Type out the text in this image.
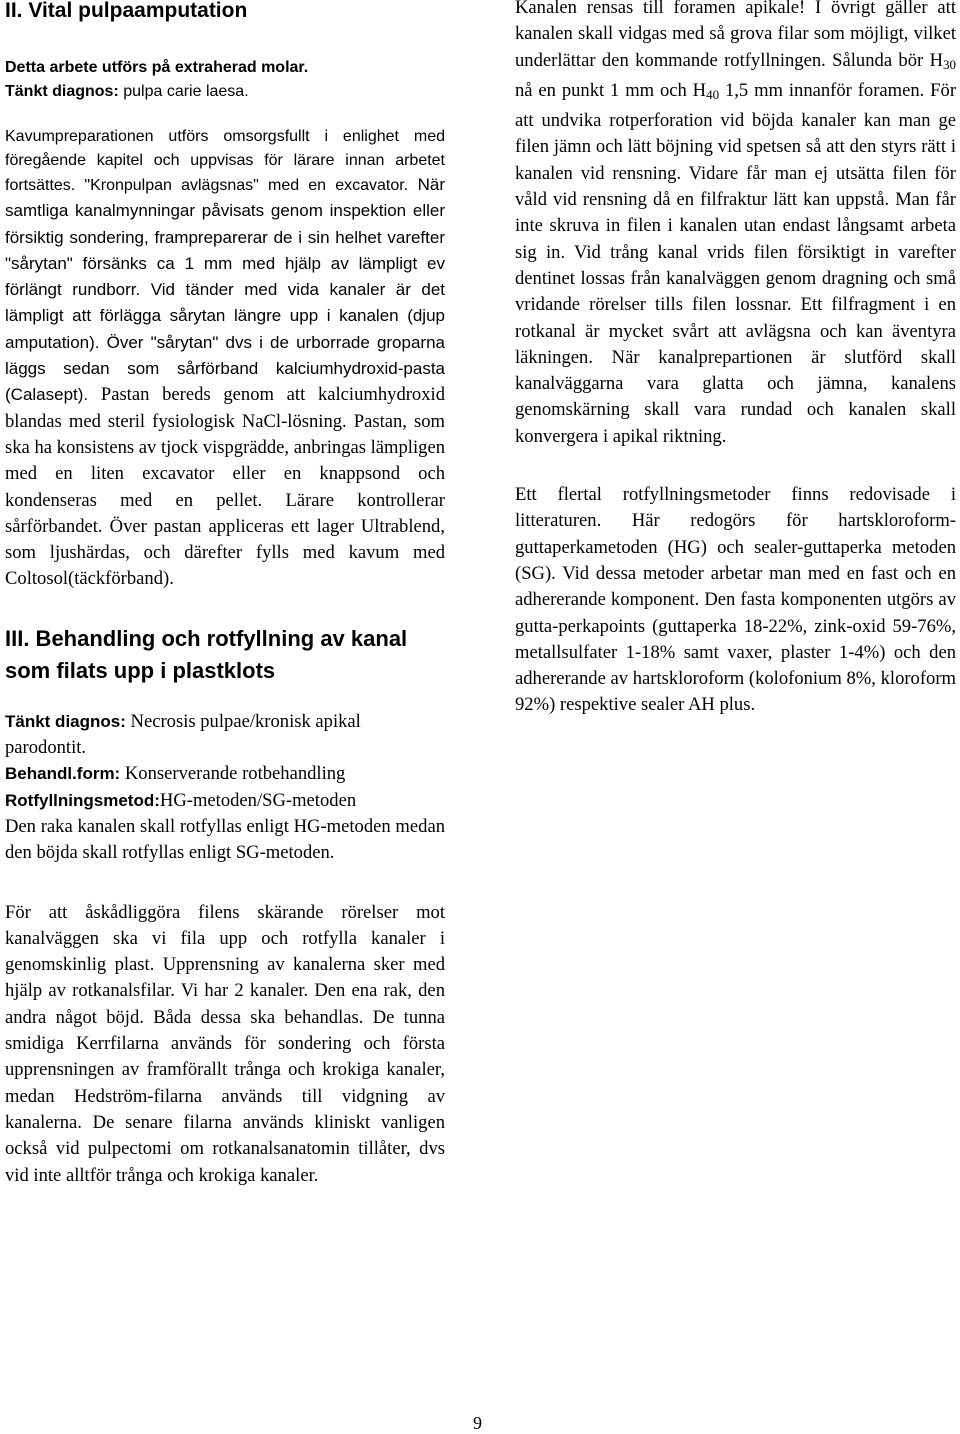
II. Vital pulpaamputation

Detta arbete utförs på extraherad molar.
Tänkt diagnos: pulpa carie laesa.

Kavumpreparationen utförs omsorgsfullt i enlighet med föregående kapitel och uppvisas för lärare innan arbetet fortsättes. "Kronpulpan avlägsnas" med en excavator. När samtliga kanalmynningar påvisats genom inspektion eller försiktig sondering, frampreparerar de i sin helhet varefter "sårytan" försänks ca 1 mm med hjälp av lämpligt ev förlängt rundborr. Vid tänder med vida kanaler är det lämpligt att förlägga sårytan längre upp i kanalen (djup amputation). Över "sårytan" dvs i de urborrade groparna läggs sedan som sårförband kalciumhydroxid-pasta (Calasept). Pastan bereds genom att kalciumhydroxid blandas med steril fysiologisk NaCl-lösning. Pastan, som ska ha konsistens av tjock vispgrädde, anbringas lämpligen med en liten excavator eller en knappsond och kondenseras med en pellet. Lärare kontrollerar sårförbandet. Över pastan appliceras ett lager Ultrablend, som ljushärdas, och därefter fylls med kavum med Coltosol(täckförband).

III. Behandling och rotfyllning av kanal som filats upp i plastklots

Tänkt diagnos: Necrosis pulpae/kronisk apikal parodontit.
Behandl.form: Konserverande rotbehandling
Rotfyllningsmetod:HG-metoden/SG-metoden

Den raka kanalen skall rotfyllas enligt HG-metoden medan den böjda skall rotfyllas enligt SG-metoden.

För att åskådliggöra filens skärande rörelser mot kanalväggen ska vi fila upp och rotfylla kanaler i genomskinlig plast. Upprensning av kanalerna sker med hjälp av rotkanalsfilar. Vi har 2 kanaler. Den ena rak, den andra något böjd. Båda dessa ska behandlas. De tunna smidiga Kerrfilarna används för sondering och första upprensningen av framförallt trånga och krokiga kanaler, medan Hedström-filarna används till vidgning av kanalerna. De senare filarna används kliniskt vanligen också vid pulpectomi om rotkanalsanatomin tillåter, dvs vid inte alltför trånga och krokiga kanaler.

Kanalen rensas till foramen apikale! I övrigt gäller att kanalen skall vidgas med så grova filar som möjligt, vilket underlättar den kommande rotfyllningen. Sålunda bör $H_{30}$ nå en punkt 1 mm och $H_{40}$ 1,5 mm innanför foramen. För att undvika rotperforation vid böjda kanaler kan man ge filen jämn och lätt böjning vid spetsen så att den styrs rätt i kanalen vid rensning. Vidare får man ej utsätta filen för våld vid rensning då en filfraktur lätt kan uppstå. Man får inte skruva in filen i kanalen utan endast långsamt arbeta sig in. Vid trång kanal vrids filen försiktigt in varefter dentinet lossas från kanalväggen genom dragning och små vridande rörelser tills filen lossnar. Ett filfragment i en rotkanal är mycket svårt att avlägsna och kan äventyra läkningen. När kanalprepartionen är slutförd skall kanalväggarna vara glatta och jämna, kanalens genomskärning skall vara rundad och kanalen skall konvergera i apikal riktning.

Ett flertal rotfyllningsmetoder finns redovisade i litteraturen. Här redogörs för hartskloroform-guttaperkametoden (HG) och sealer-guttaperka metoden (SG). Vid dessa metoder arbetar man med en fast och en adhererande komponent. Den fasta komponenten utgörs av gutta-perkapoints (guttaperka 18-22%, zink-oxid 59-76%, metallsulfater 1-18% samt vaxer, plaster 1-4%) och den adhererande av hartskloroform (kolofonium 8%, kloroform 92%) respektive sealer AH plus.

9
